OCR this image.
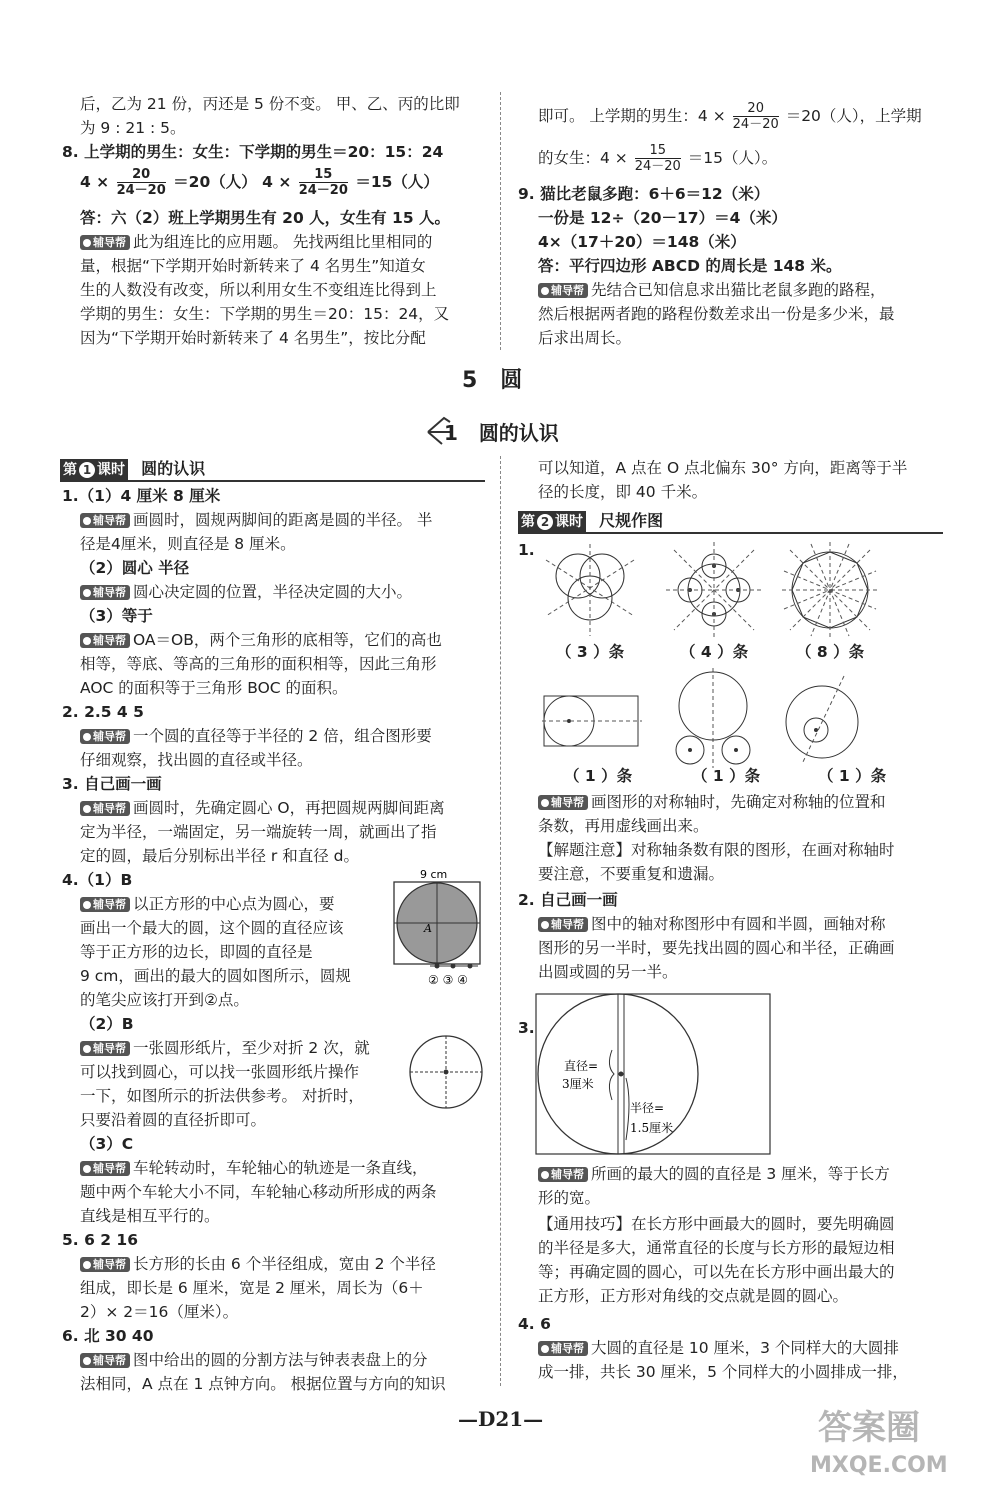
后，乙为 21 份，丙还是 5 份不变。 甲、乙、丙的比即
为 9 : 21 : 5。
8. 上学期的男生：女生：下学期的男生＝20：15：24
$4 \times \frac{20}{24-20} =20$（人） $4 \times \frac{15}{24-20} =15$（人）
答：六（2）班上学期男生有 20 人，女生有 15 人。
辅导帮 此为组连比的应用题。 先找两组比里相同的
量，根据“下学期开始时新转来了 4 名男生”知道女
生的人数没有改变，所以利用女生不变组连比得到上
学期的男生：女生：下学期的男生＝20：15：24，又
因为“下学期开始时新转来了 4 名男生”，按比分配
即可。 上学期的男生：$4 \times \frac{20}{24-20} =20$（人），上学期
的女生：$4 \times \frac{15}{24-20} =15$（人）。
9. 猫比老鼠多跑：6＋6＝12（米）
一份是 12÷（20－17）＝4（米）
4×（17＋20）＝148（米）
答：平行四边形 ABCD 的周长是 148 米。
辅导帮 先结合已知信息求出猫比老鼠多跑的路程，
然后根据两者跑的路程份数差求出一份是多少米，最
后求出周长。
5 圆
1 圆的认识
第 1 课时 圆的认识
1.（1）4 厘米 8 厘米
辅导帮 画圆时，圆规两脚间的距离是圆的半径。 半
径是4厘米，则直径是 8 厘米。
（2）圆心 半径
辅导帮 圆心决定圆的位置，半径决定圆的大小。
（3）等于
辅导帮 OA＝OB，两个三角形的底相等，它们的高也
相等，等底、等高的三角形的面积相等，因此三角形
AOC 的面积等于三角形 BOC 的面积。
2. 2.5 4 5
辅导帮 一个圆的直径等于半径的 2 倍，组合图形要
仔细观察，找出圆的直径或半径。
3. 自己画一画
辅导帮 画圆时，先确定圆心 O，再把圆规两脚间距离
定为半径，一端固定，另一端旋转一周，就画出了指
定的圆，最后分别标出半径 r 和直径 d。
4.（1）B
辅导帮 以正方形的中心点为圆心，要
画出一个最大的圆，这个圆的直径应该
等于正方形的边长，即圆的直径是
9 cm，画出的最大的圆如图所示，圆规
的笔尖应该打开到②点。
9 cm
A
② ③ ④
（2）B
辅导帮 一张圆形纸片，至少对折 2 次，就
可以找到圆心，可以找一张圆形纸片操作
一下，如图所示的折法供参考。 对折时，
只要沿着圆的直径折即可。
（3）C
辅导帮 车轮转动时，车轮轴心的轨迹是一条直线，
题中两个车轮大小不同，车轮轴心移动所形成的两条
直线是相互平行的。
5. 6 2 16
辅导帮 长方形的长由 6 个半径组成，宽由 2 个半径
组成，即长是 6 厘米，宽是 2 厘米，周长为（6＋
2）× 2＝16（厘米）。
6. 北 30 40
辅导帮 图中给出的圆的分割方法与钟表表盘上的分
法相同，A 点在 1 点钟方向。 根据位置与方向的知识
可以知道，A 点在 O 点北偏东 30° 方向，距离等于半
径的长度，即 40 千米。
第 2 课时 尺规作图
1.
（ 3 ）条	（ 4 ）条	（ 8 ）条
（ 1 ）条	（ 1 ）条	（ 1 ）条
辅导帮 画图形的对称轴时，先确定对称轴的位置和
条数，再用虚线画出来。
【解题注意】对称轴条数有限的图形，在画对称轴时
要注意，不要重复和遗漏。
2. 自己画一画
辅导帮 图中的轴对称图形中有圆和半圆，画轴对称
图形的另一半时，要先找出圆的圆心和半径，正确画
出圆或圆的另一半。
3.
直径=
3厘米
半径=
1.5厘米
辅导帮 所画的最大的圆的直径是 3 厘米，等于长方
形的宽。
【通用技巧】在长方形中画最大的圆时，要先明确圆
的半径是多大，通常直径的长度与长方形的最短边相
等；再确定圆的圆心，可以先在长方形中画出最大的
正方形，正方形对角线的交点就是圆的圆心。
4. 6
辅导帮 大圆的直径是 10 厘米，3 个同样大的大圆排
成一排，共长 30 厘米，5 个同样大的小圆排成一排，
—D21—	答案圈
MXQE.COM
